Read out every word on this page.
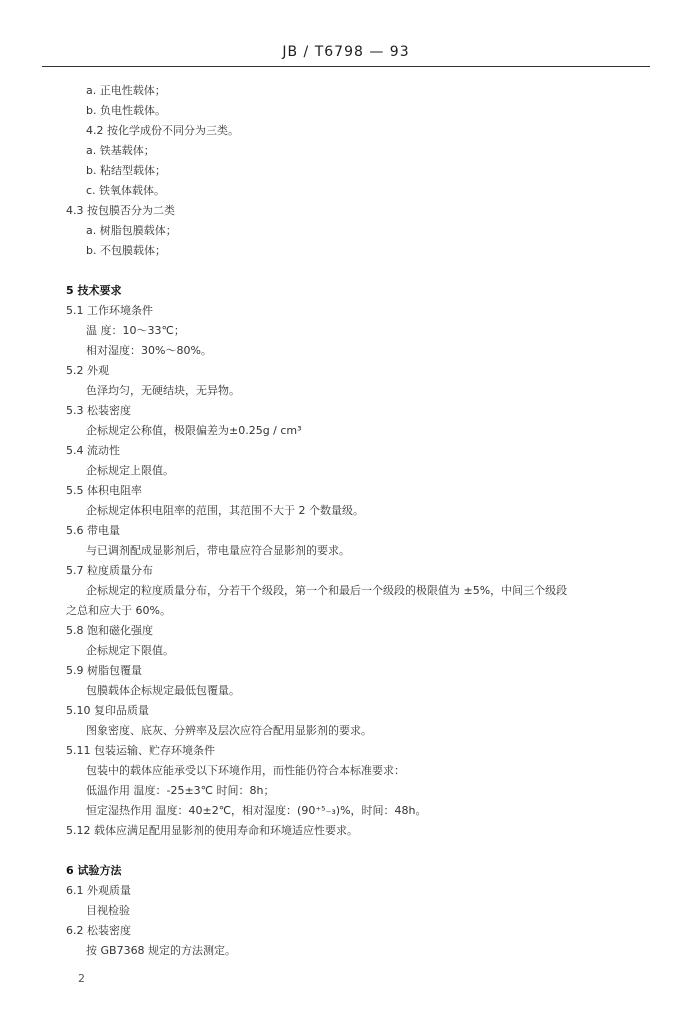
JB / T6798 — 93
a. 正电性载体；
b. 负电性载体。
4.2 按化学成份不同分为三类。
a. 铁基载体；
b. 粘结型载体；
c. 铁氧体载体。
4.3 按包膜否分为二类
a. 树脂包膜载体；
b. 不包膜载体；
5 技术要求
5.1 工作环境条件
温 度：10～33℃；
相对湿度：30%～80%。
5.2 外观
色泽均匀，无硬结块，无异物。
5.3 松装密度
企标规定公称值，极限偏差为±0.25g / cm³
5.4 流动性
企标规定上限值。
5.5 体积电阻率
企标规定体积电阻率的范围，其范围不大于 2 个数量级。
5.6 带电量
与已调剂配成显影剂后，带电量应符合显影剂的要求。
5.7 粒度质量分布
企标规定的粒度质量分布，分若干个级段，第一个和最后一个级段的极限值为 ±5%，中间三个级段
之总和应大于 60%。
5.8 饱和磁化强度
企标规定下限值。
5.9 树脂包覆量
包膜载体企标规定最低包覆量。
5.10 复印品质量
图象密度、底灰、分辨率及层次应符合配用显影剂的要求。
5.11 包装运输、贮存环境条件
包装中的载体应能承受以下环境作用，而性能仍符合本标准要求：
低温作用 温度：-25±3℃ 时间：8h；
恒定湿热作用 温度：40±2℃，相对湿度：(90⁺⁵₋₃)%，时间：48h。
5.12 载体应满足配用显影剂的使用寿命和环境适应性要求。
6 试验方法
6.1 外观质量
目视检验
6.2 松装密度
按 GB7368 规定的方法测定。
2
